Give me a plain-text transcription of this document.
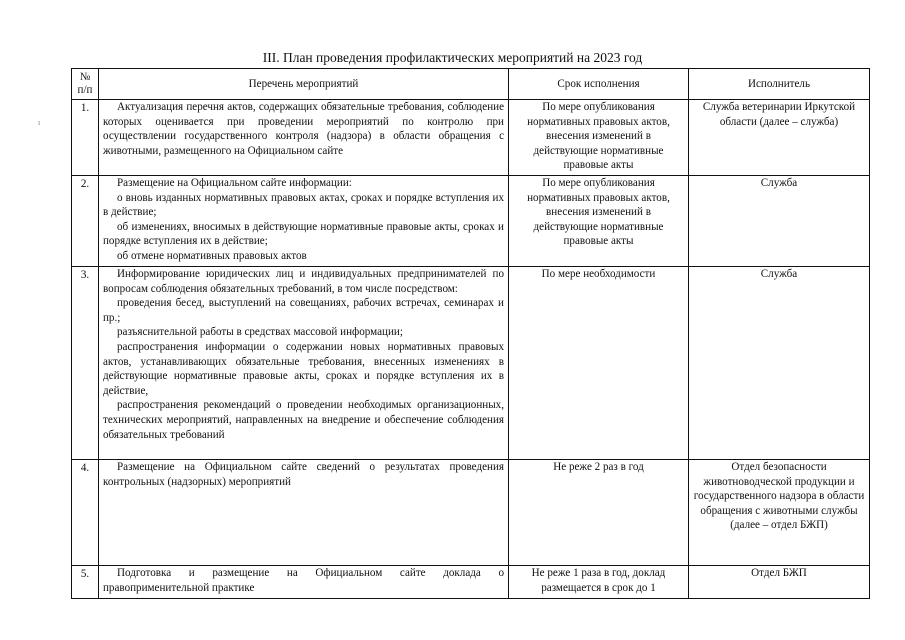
ı
III. План проведения профилактических мероприятий на 2023 год
№ п/п	Перечень мероприятий	Срок исполнения	Исполнитель
1.	Актуализация перечня актов, содержащих обязательные требования, соблюдение которых оценивается при проведении мероприятий по контролю при осуществлении государственного контроля (надзора) в области обращения с животными, размещенного на Официальном сайте	По мере опубликования нормативных правовых актов, внесения изменений в действующие нормативные правовые акты	Служба ветеринарии Иркутской области (далее – служба)
2.	Размещение на Официальном сайте информации:

о вновь изданных нормативных правовых актах, сроках и порядке вступления их в действие;

об изменениях, вносимых в действующие нормативные правовые акты, сроках и порядке вступления их в действие;

об отмене нормативных правовых актов	По мере опубликования нормативных правовых актов, внесения изменений в действующие нормативные правовые акты	Служба
3.	Информирование юридических лиц и индивидуальных предпринимателей по вопросам соблюдения обязательных требований, в том числе посредством:

проведения бесед, выступлений на совещаниях, рабочих встречах, семинарах и пр.;

разъяснительной работы в средствах массовой информации;

распространения информации о содержании новых нормативных правовых актов, устанавливающих обязательные требования, внесенных изменениях в действующие нормативные правовые акты, сроках и порядке вступления их в действие,

распространения рекомендаций о проведении необходимых организационных, технических мероприятий, направленных на внедрение и обеспечение соблюдения обязательных требований	По мере необходимости	Служба
4.	Размещение на Официальном сайте сведений о результатах проведения контрольных (надзорных) мероприятий	Не реже 2 раз в год	Отдел безопасности животноводческой продукции и государственного надзора в области обращения с животными службы (далее – отдел БЖП)
5.	Подготовка и размещение на Официальном сайте доклада о правоприменительной практике	Не реже 1 раза в год, доклад размещается в срок до 1	Отдел БЖП
